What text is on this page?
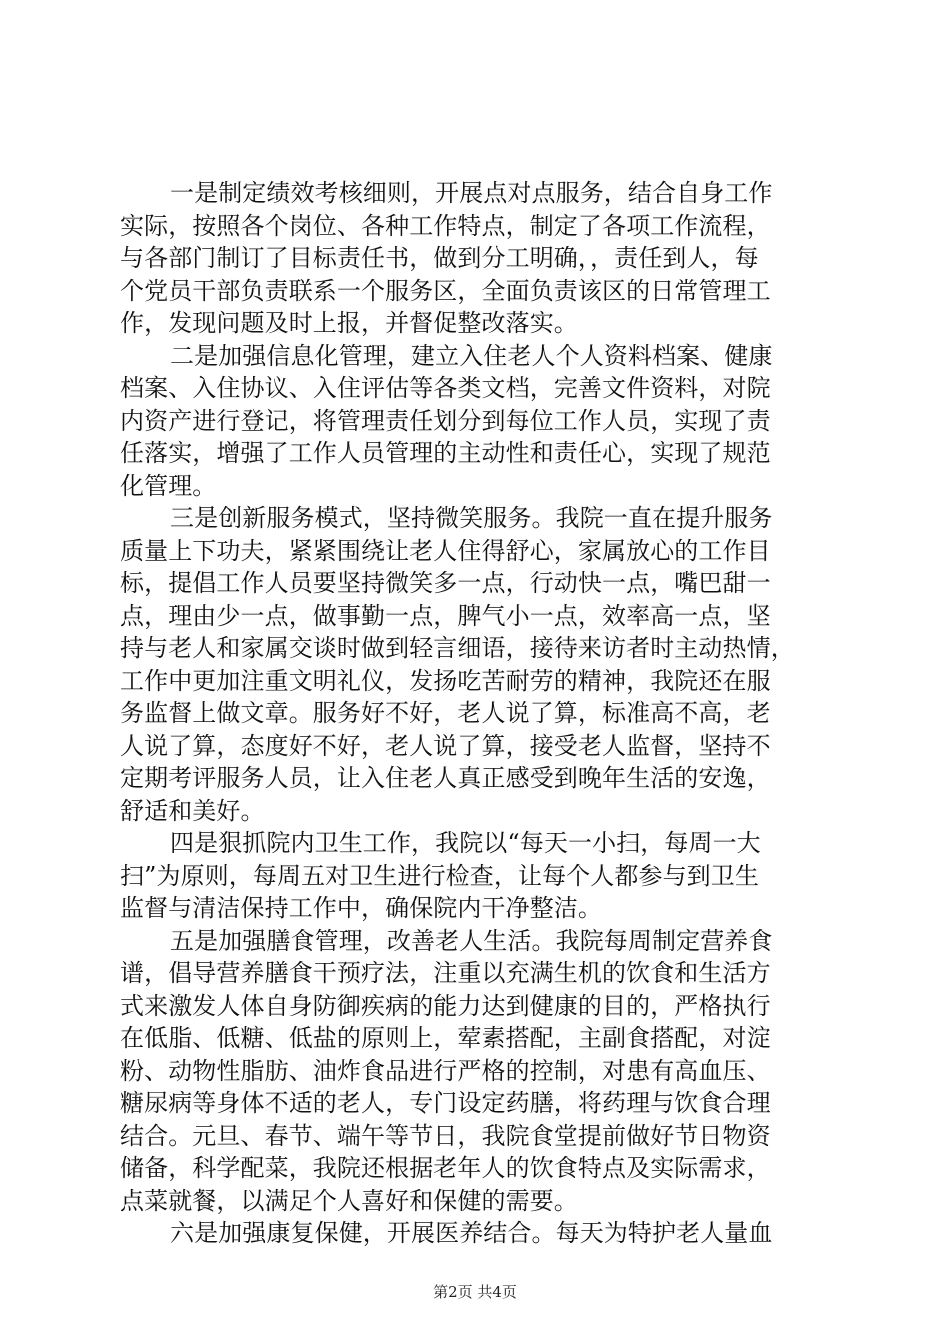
一是制定绩效考核细则，开展点对点服务，结合自身工作
实际，按照各个岗位、各种工作特点，制定了各项工作流程，
与各部门制订了目标责任书，做到分工明确，，责任到人，每
个党员干部负责联系一个服务区，全面负责该区的日常管理工
作，发现问题及时上报，并督促整改落实。
二是加强信息化管理，建立入住老人个人资料档案、健康
档案、入住协议、入住评估等各类文档，完善文件资料，对院
内资产进行登记，将管理责任划分到每位工作人员，实现了责
任落实，增强了工作人员管理的主动性和责任心，实现了规范
化管理。
三是创新服务模式，坚持微笑服务。我院一直在提升服务
质量上下功夫，紧紧围绕让老人住得舒心，家属放心的工作目
标，提倡工作人员要坚持微笑多一点，行动快一点，嘴巴甜一
点，理由少一点，做事勤一点，脾气小一点，效率高一点，坚
持与老人和家属交谈时做到轻言细语，接待来访者时主动热情，
工作中更加注重文明礼仪，发扬吃苦耐劳的精神，我院还在服
务监督上做文章。服务好不好，老人说了算，标准高不高，老
人说了算，态度好不好，老人说了算，接受老人监督，坚持不
定期考评服务人员，让入住老人真正感受到晚年生活的安逸，
舒适和美好。
四是狠抓院内卫生工作，我院以“每天一小扫，每周一大
扫”为原则，每周五对卫生进行检查，让每个人都参与到卫生
监督与清洁保持工作中，确保院内干净整洁。
五是加强膳食管理，改善老人生活。我院每周制定营养食
谱，倡导营养膳食干预疗法，注重以充满生机的饮食和生活方
式来激发人体自身防御疾病的能力达到健康的目的，严格执行
在低脂、低糖、低盐的原则上，荤素搭配，主副食搭配，对淀
粉、动物性脂肪、油炸食品进行严格的控制，对患有高血压、
糖尿病等身体不适的老人，专门设定药膳，将药理与饮食合理
结合。元旦、春节、端午等节日，我院食堂提前做好节日物资
储备，科学配菜，我院还根据老年人的饮食特点及实际需求，
点菜就餐，以满足个人喜好和保健的需要。
六是加强康复保健，开展医养结合。每天为特护老人量血
第2页 共4页
